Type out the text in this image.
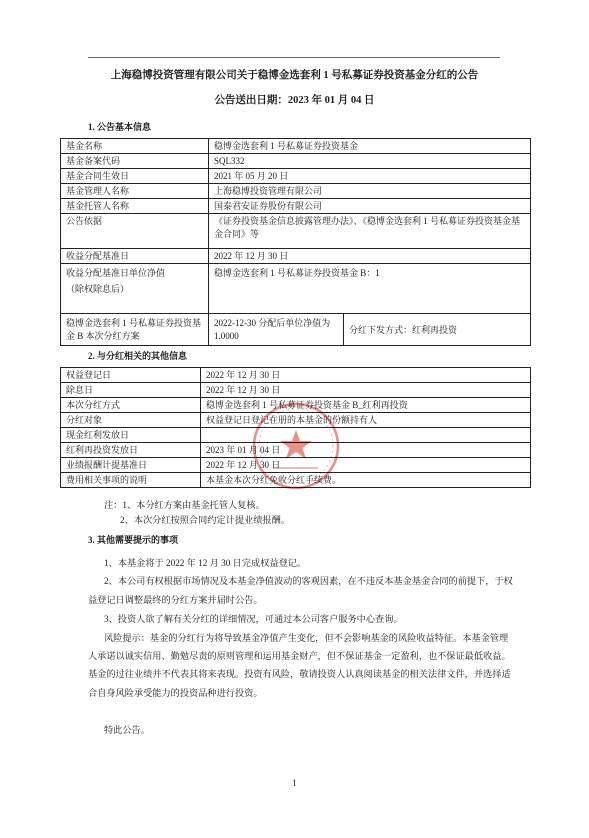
上海稳博投资管理有限公司关于稳博金选套利 1 号私募证券投资基金分红的公告
公告送出日期：2023 年 01 月 04 日
1. 公告基本信息
基金名称	稳博金选套利 1 号私募证券投资基金	
基金备案代码	SQL332	
基金合同生效日	2021 年 05 月 20 日	
基金管理人名称	上海稳博投资管理有限公司	
基金托管人名称	国泰君安证券股份有限公司	
公告依据	《证券投资基金信息披露管理办法》、《稳博金选套利 1 号私募证券投资基金基金合同》等	
收益分配基准日	2022 年 12 月 30 日	

收益分配基准日单位净值
（除权除息后）	稳博金选套利 1 号私募证券投资基金 B：1	
稳博金选套利 1 号私募证券投资基金 B 本次分红方案	2022-12-30 分配后单位净值为 1.0000	分红下发方式：红利再投资
2. 与分红相关的其他信息
权益登记日	2022 年 12 月 30 日
除息日	2022 年 12 月 30 日
本次分红方式	稳博金选套利 1 号私募证券投资基金 B_红利再投资
分红对象	权益登记日登记在册的本基金的份额持有人
现金红利发放日	
红利再投资发放日	2023 年 01 月 04 日
业绩报酬计提基准日	2022 年 12 月 30 日
费用相关事项的说明	本基金本次分红免收分红手续费。
注：1、本分红方案由基金托管人复核。
2、本次分红按照合同约定计提业绩报酬。
3. 其他需要提示的事项
1、本基金将于 2022 年 12 月 30 日完成权益登记。
2、本公司有权根据市场情况及本基金净值波动的客观因素，在不违反本基金基金合同的前提下，于权
益登记日调整最终的分红方案并届时公告。
3、投资人欲了解有关分红的详细情况，可通过本公司客户服务中心查询。
风险提示：基金的分红行为将导致基金净值产生变化，但不会影响基金的风险收益特征。本基金管理
人承诺以诚实信用、勤勉尽责的原则管理和运用基金财产，但不保证基金一定盈利，也不保证最低收益。
基金的过往业绩并不代表其将来表现。投资有风险，敬请投资人认真阅读基金的相关法律文件，并选择适
合自身风险承受能力的投资品种进行投资。
特此公告。
1
